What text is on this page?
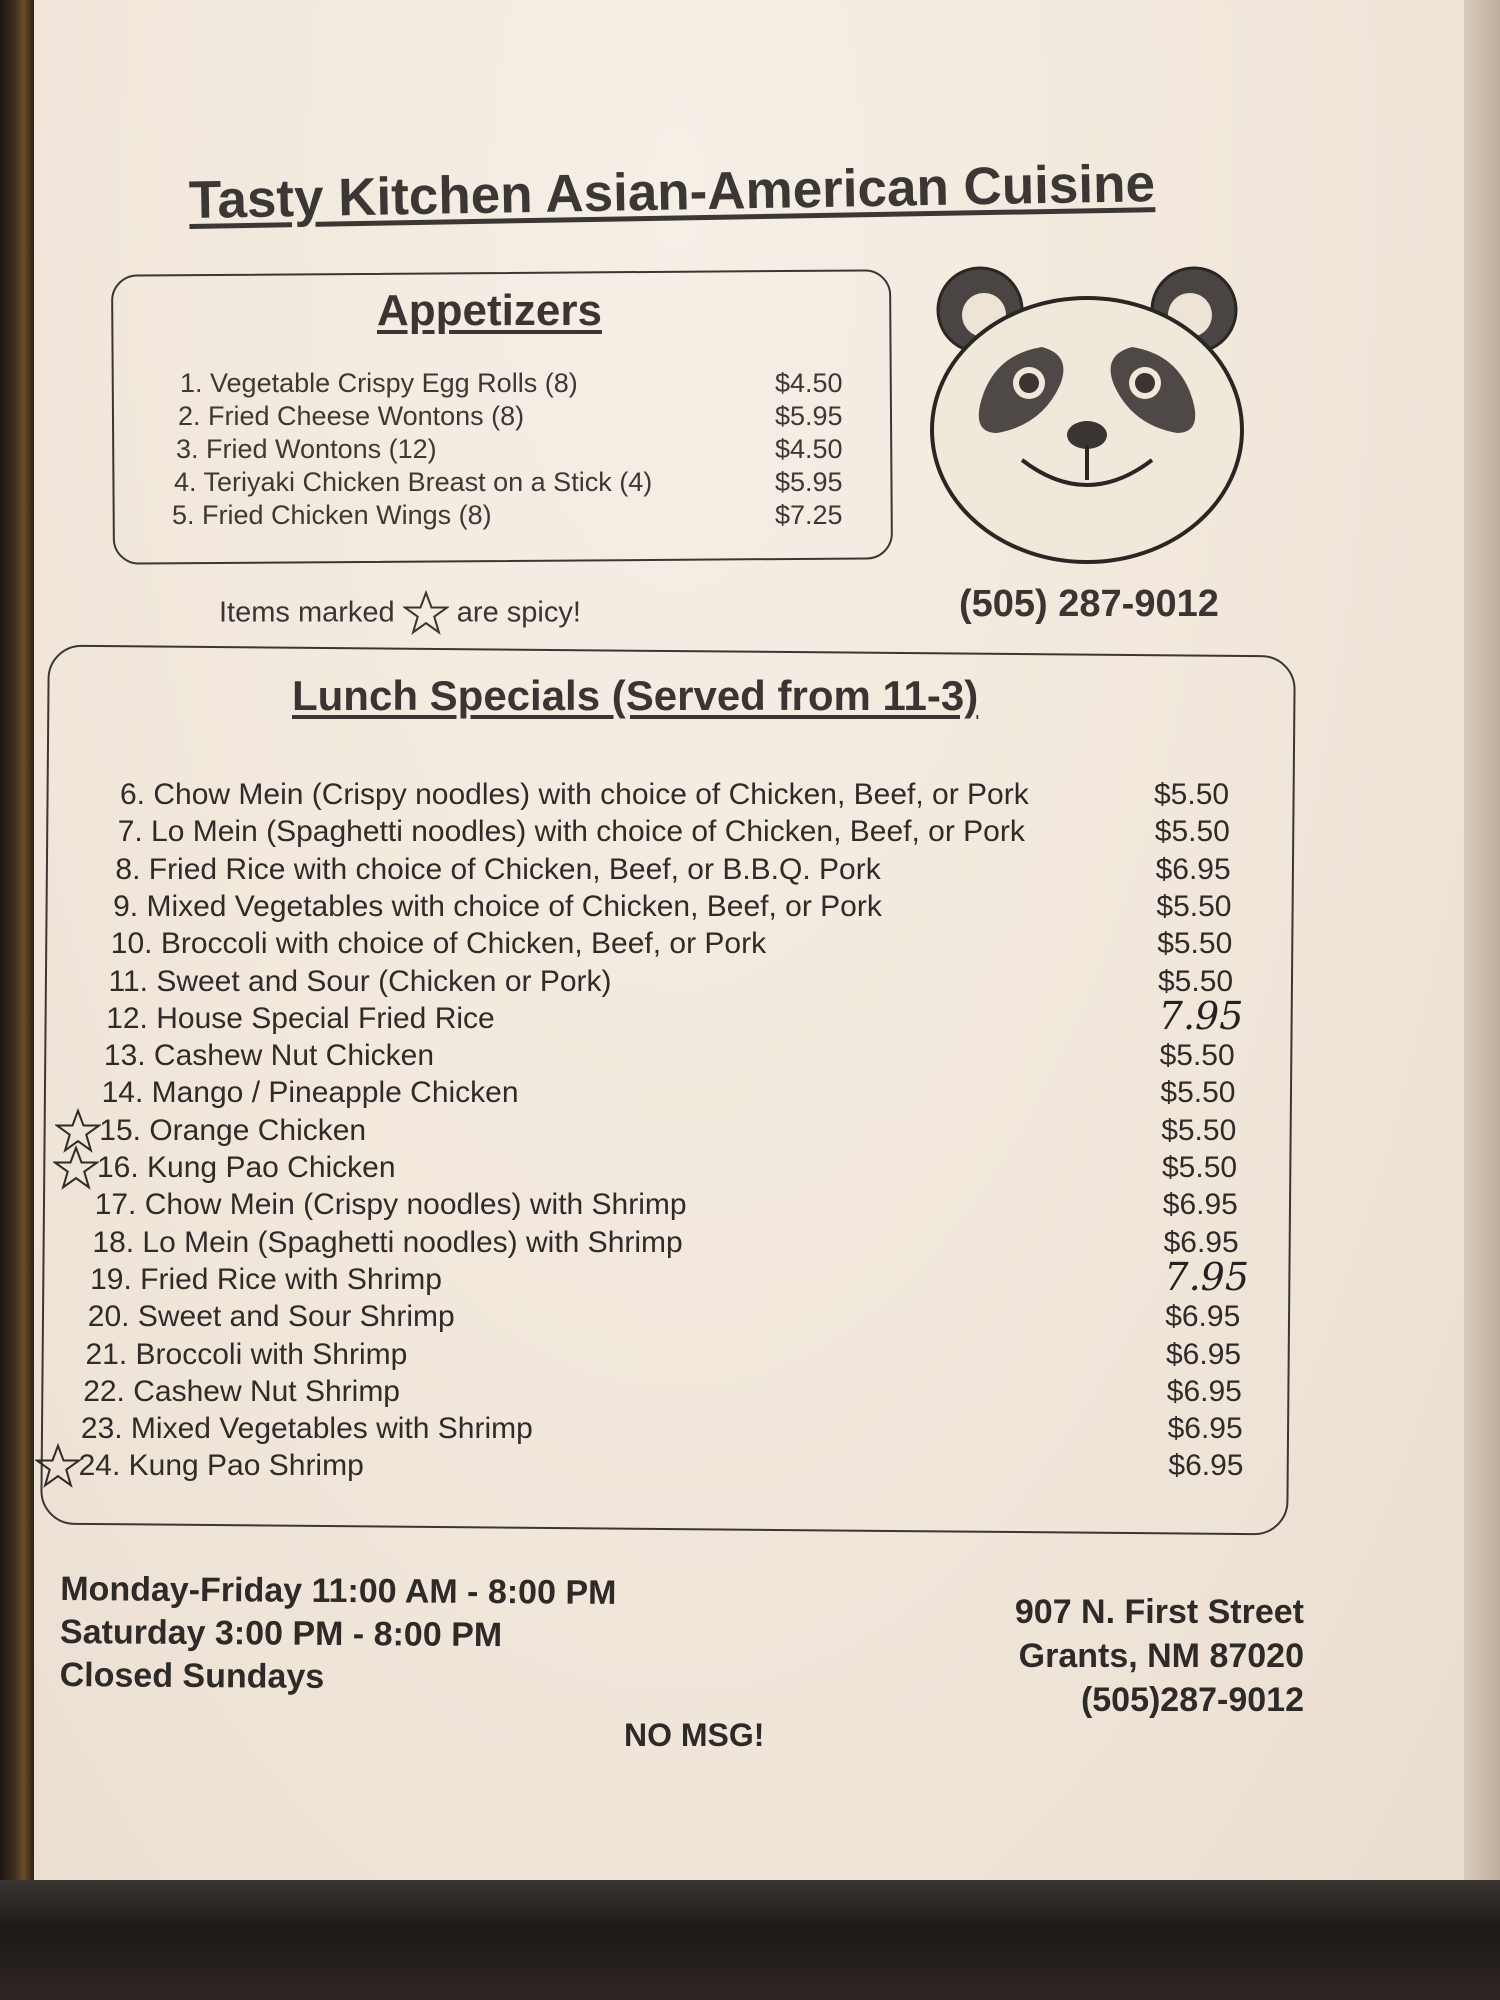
Tasty Kitchen Asian-American Cuisine
Appetizers
1. Vegetable Crispy Egg Rolls (8)	$4.50
2. Fried Cheese Wontons (8)	$5.95
3. Fried Wontons (12)	$4.50
4. Teriyaki Chicken Breast on a Stick (4)	$5.95
5. Fried Chicken Wings (8)	$7.25
Items marked are spicy!	(505) 287-9012
Lunch Specials (Served from 11-3)
6. Chow Mein (Crispy noodles) with choice of Chicken, Beef, or Pork	$5.50
7. Lo Mein (Spaghetti noodles) with choice of Chicken, Beef, or Pork	$5.50
8. Fried Rice with choice of Chicken, Beef, or B.B.Q. Pork	$6.95
9. Mixed Vegetables with choice of Chicken, Beef, or Pork	$5.50
10. Broccoli with choice of Chicken, Beef, or Pork	$5.50
11. Sweet and Sour (Chicken or Pork)	$5.50
12. House Special Fried Rice	7.95
13. Cashew Nut Chicken	$5.50
14. Mango / Pineapple Chicken	$5.50
15. Orange Chicken	$5.50
16. Kung Pao Chicken	$5.50
17. Chow Mein (Crispy noodles) with Shrimp	$6.95
18. Lo Mein (Spaghetti noodles) with Shrimp	$6.95
19. Fried Rice with Shrimp	7.95
20. Sweet and Sour Shrimp	$6.95
21. Broccoli with Shrimp	$6.95
22. Cashew Nut Shrimp	$6.95
23. Mixed Vegetables with Shrimp	$6.95
24. Kung Pao Shrimp	$6.95
Monday-Friday 11:00 AM - 8:00 PM
Saturday 3:00 PM - 8:00 PM
Closed Sundays
907 N. First Street
Grants, NM 87020
(505)287-9012
NO MSG!
